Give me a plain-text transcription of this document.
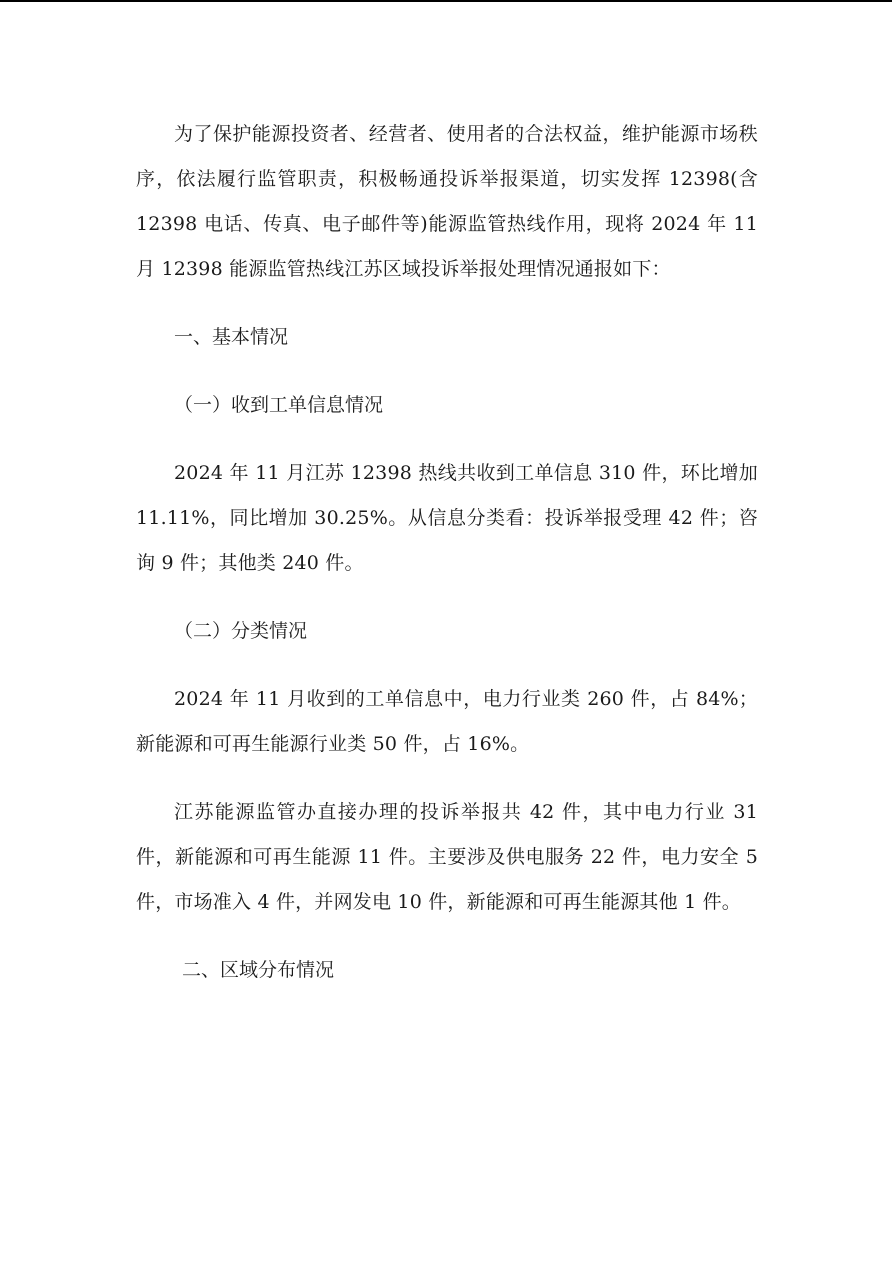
为了保护能源投资者、经营者、使用者的合法权益，维护能源市场秩序，依法履行监管职责，积极畅通投诉举报渠道，切实发挥 12398(含 12398 电话、传真、电子邮件等)能源监管热线作用，现将 2024 年 11 月 12398 能源监管热线江苏区域投诉举报处理情况通报如下：

一、基本情况

（一）收到工单信息情况

2024 年 11 月江苏 12398 热线共收到工单信息 310 件，环比增加 11.11%，同比增加 30.25%。从信息分类看：投诉举报受理 42 件；咨询 9 件；其他类 240 件。

（二）分类情况

2024 年 11 月收到的工单信息中，电力行业类 260 件，占 84%；新能源和可再生能源行业类 50 件，占 16%。

江苏能源监管办直接办理的投诉举报共 42 件，其中电力行业 31 件，新能源和可再生能源 11 件。主要涉及供电服务 22 件，电力安全 5 件，市场准入 4 件，并网发电 10 件，新能源和可再生能源其他 1 件。

二、区域分布情况
